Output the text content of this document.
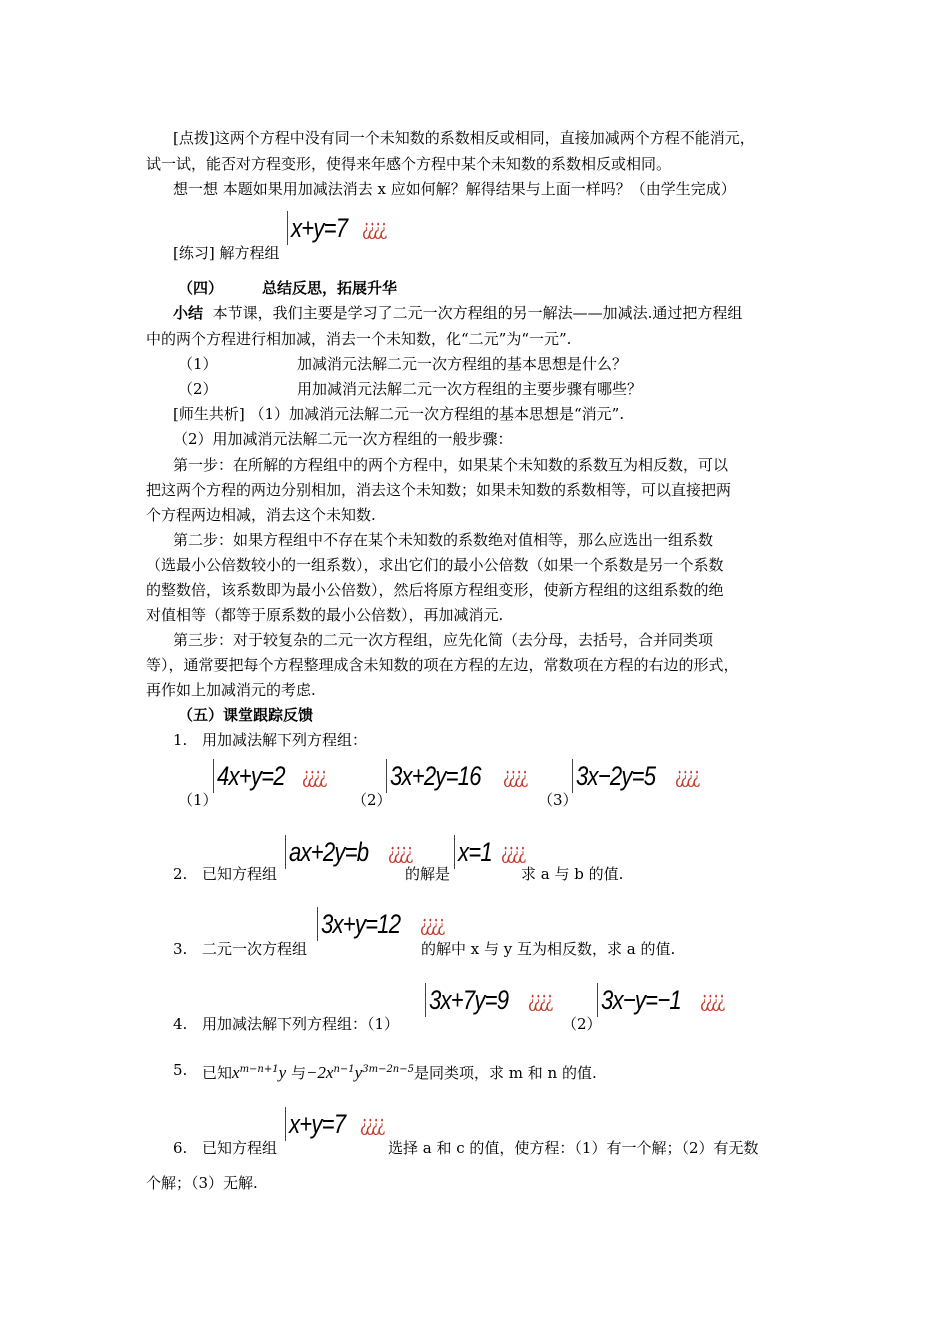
[点拨]这两个方程中没有同一个未知数的系数相反或相同，直接加减两个方程不能消元，
试一试，能否对方程变形，使得来年感个方程中某个未知数的系数相反或相同。
想一想 本题如果用加减法消去 x 应如何解？解得结果与上面一样吗？（由学生完成）
[练习] 解方程组
x+y=7 ¿¿¿¿
（四）	总结反思，拓展升华
小结 本节课，我们主要是学习了二元一次方程组的另一解法——加减法.通过把方程组
中的两个方程进行相加减，消去一个未知数，化“二元”为“一元”.
（1）	加减消元法解二元一次方程组的基本思想是什么？
（2）	用加减消元法解二元一次方程组的主要步骤有哪些？
[师生共析] （1）加减消元法解二元一次方程组的基本思想是“消元”.
（2）用加减消元法解二元一次方程组的一般步骤：
第一步：在所解的方程组中的两个方程中，如果某个未知数的系数互为相反数，可以
把这两个方程的两边分别相加，消去这个未知数；如果未知数的系数相等，可以直接把两
个方程两边相减，消去这个未知数.
第二步：如果方程组中不存在某个未知数的系数绝对值相等，那么应选出一组系数
（选最小公倍数较小的一组系数），求出它们的最小公倍数（如果一个系数是另一个系数
的整数倍，该系数即为最小公倍数），然后将原方程组变形，使新方程组的这组系数的绝
对值相等（都等于原系数的最小公倍数），再加减消元.
第三步：对于较复杂的二元一次方程组，应先化简（去分母，去括号，合并同类项
等），通常要把每个方程整理成含未知数的项在方程的左边，常数项在方程的右边的形式，
再作如上加减消元的考虑.
（五）课堂跟踪反馈
1. 用加减法解下列方程组：
（1）
4x+y=2 ¿¿¿¿
（2）
3x+2y=16 ¿¿¿¿
（3）
3x−2y=5 ¿¿¿¿
2. 已知方程组
ax+2y=b ¿¿¿¿
的解是
x=1 ¿¿¿¿
求 a 与 b 的值.
3. 二元一次方程组
3x+y=12 ¿¿¿¿
的解中 x 与 y 互为相反数，求 a 的值.
4. 用加减法解下列方程组：（1）
3x+7y=9 ¿¿¿¿
（2）
3x−y=−1 ¿¿¿¿
5. 已知$x^{m-n+1}y$ 与$-2x^{n-1}y^{3m-2n-5}$是同类项，求 m 和 n 的值.
6. 已知方程组
x+y=7 ¿¿¿¿
选择 a 和 c 的值，使方程：（1）有一个解；（2）有无数
个解；（3）无解.
